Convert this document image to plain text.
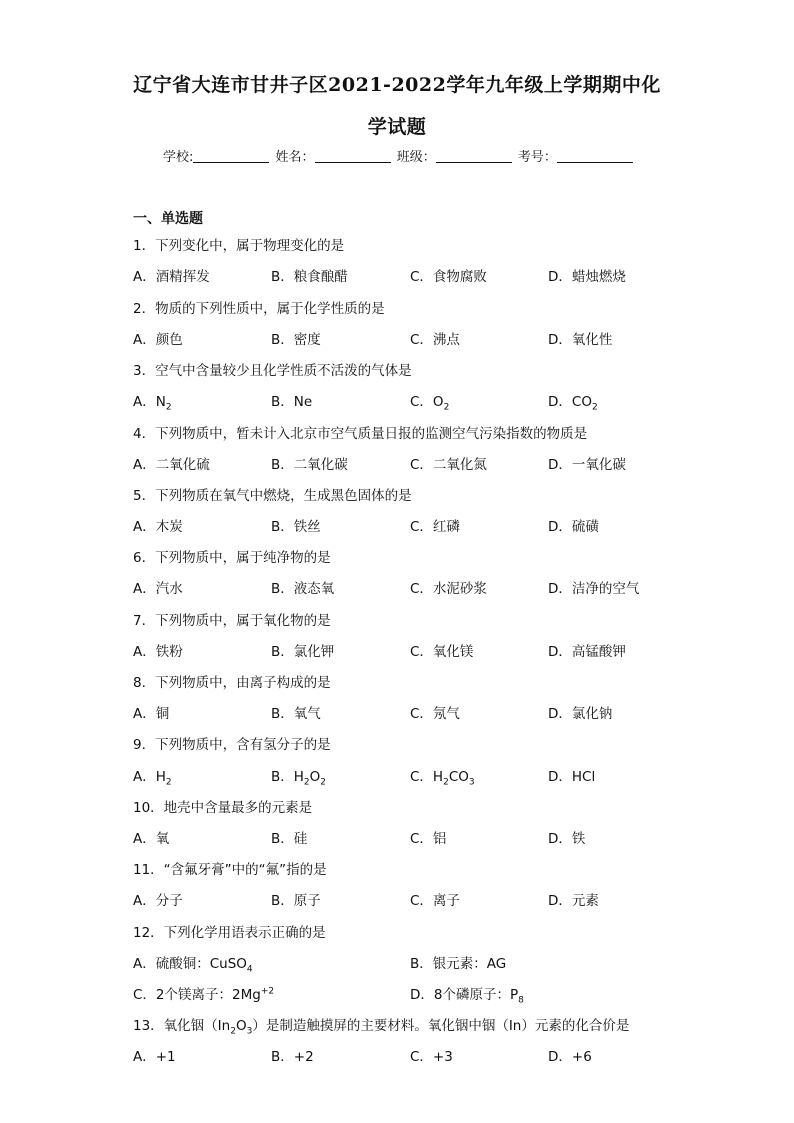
辽宁省大连市甘井子区2021-2022学年九年级上学期期中化
学试题
学校:	姓名：	班级：	考号：
一、单选题
1．下列变化中，属于物理变化的是
A．酒精挥发	B．粮食酿醋	C．食物腐败	D．蜡烛燃烧
2．物质的下列性质中，属于化学性质的是
A．颜色	B．密度	C．沸点	D．氧化性
3．空气中含量较少且化学性质不活泼的气体是
A．$N_2$	B．Ne	C．$O_2$	D．$CO_2$
4．下列物质中，暂未计入北京市空气质量日报的监测空气污染指数的物质是
A．二氧化硫	B．二氧化碳	C．二氧化氮	D．一氧化碳
5．下列物质在氧气中燃烧，生成黑色固体的是
A．木炭	B．铁丝	C．红磷	D．硫磺
6．下列物质中，属于纯净物的是
A．汽水	B．液态氧	C．水泥砂浆	D．洁净的空气
7．下列物质中，属于氧化物的是
A．铁粉	B．氯化钾	C．氧化镁	D．高锰酸钾
8．下列物质中，由离子构成的是
A．铜	B．氧气	C．氖气	D．氯化钠
9．下列物质中，含有氢分子的是
A．$H_2$	B．$H_2O_2$	C．$H_2CO_3$	D．HCl
10．地壳中含量最多的元素是
A．氧	B．硅	C．铝	D．铁
11．“含氟牙膏”中的“氟”指的是
A．分子	B．原子	C．离子	D．元素
12．下列化学用语表示正确的是
A．硫酸铜：CuSO$_4$	B．银元素：AG
C．2个镁离子：$2Mg^{+2}$	D．8个磷原子：$P_8$
13．氧化铟$(In_2O_3)$是制造触摸屏的主要材料。氧化铟中铟（In）元素的化合价是
A．+1	B．+2	C．+3	D．+6
